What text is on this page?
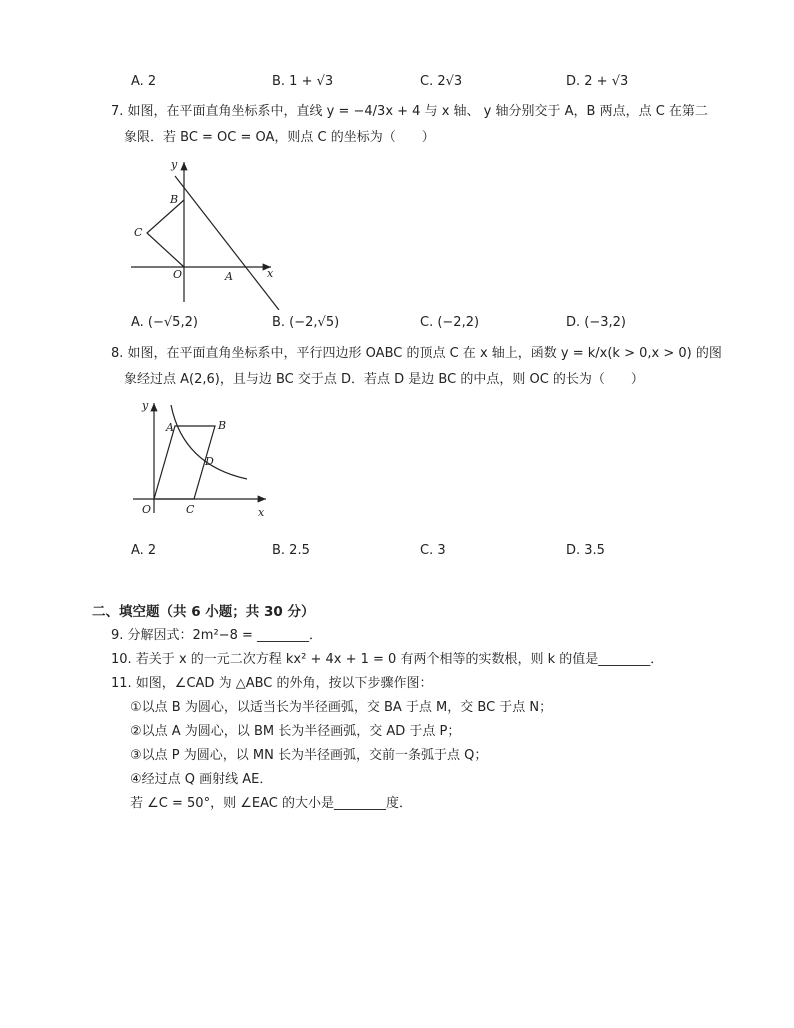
A. 2	B. 1 + √3	C. 2√3	D. 2 + √3
7. 如图，在平面直角坐标系中，直线 y = −4/3x + 4 与 x 轴、 y 轴分别交于 A，B 两点，点 C 在第二
象限．若 BC = OC = OA，则点 C 的坐标为（　　）
y
x
B
C
O	A
A. (−√5,2)	B. (−2,√5)	C. (−2,2)	D. (−3,2)
8. 如图，在平面直角坐标系中，平行四边形 OABC 的顶点 C 在 x 轴上，函数 y = k/x(k > 0,x > 0) 的图
象经过点 A(2,6)，且与边 BC 交于点 D．若点 D 是边 BC 的中点，则 OC 的长为（　　）
y
x
A	B
D
O	C
A. 2	B. 2.5	C. 3	D. 3.5
二、填空题（共 6 小题；共 30 分）
9. 分解因式：2m²−8 = ________．
10. 若关于 x 的一元二次方程 kx² + 4x + 1 = 0 有两个相等的实数根，则 k 的值是________．
11. 如图，∠CAD 为 △ABC 的外角，按以下步骤作图：
①以点 B 为圆心，以适当长为半径画弧，交 BA 于点 M，交 BC 于点 N；
②以点 A 为圆心，以 BM 长为半径画弧，交 AD 于点 P；
③以点 P 为圆心，以 MN 长为半径画弧，交前一条弧于点 Q；
④经过点 Q 画射线 AE．
若 ∠C = 50°，则 ∠EAC 的大小是________度．
